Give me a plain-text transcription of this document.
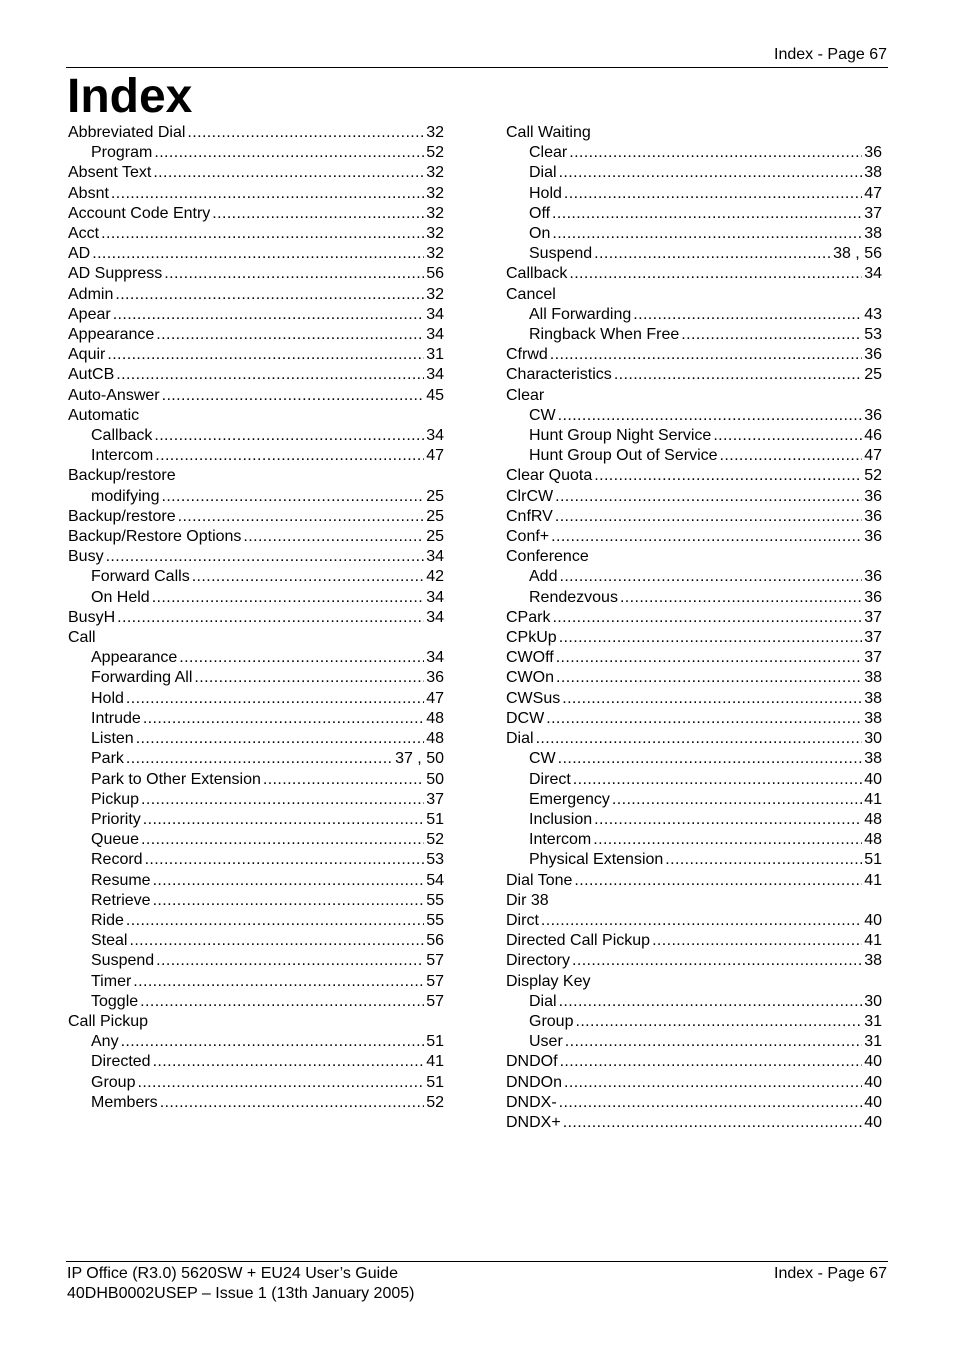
Index - Page 67
Index
Abbreviated Dial .....	32
Program .....	52
Absent Text .....	32
Absnt .....	32
Account Code Entry .....	32
Acct .....	32
AD .....	32
AD Suppress .....	56
Admin .....	32
Apear .....	34
Appearance .....	34
Aquir .....	31
AutCB .....	34
Auto-Answer .....	45
Automatic
Callback .....	34
Intercom .....	47
Backup/restore
modifying .....	25
Backup/restore .....	25
Backup/Restore Options .....	25
Busy .....	34
Forward Calls .....	42
On Held .....	34
BusyH .....	34
Call
Appearance .....	34
Forwarding All .....	36
Hold .....	47
Intrude .....	48
Listen .....	48
Park .....	37 , 50
Park to Other Extension .....	50
Pickup .....	37
Priority .....	51
Queue .....	52
Record .....	53
Resume .....	54
Retrieve .....	55
Ride .....	55
Steal .....	56
Suspend .....	57
Timer .....	57
Toggle .....	57
Call Pickup
Any .....	51
Directed .....	41
Group .....	51
Members .....	52
Call Waiting
Clear .....	36
Dial .....	38
Hold .....	47
Off .....	37
On .....	38
Suspend .....	38 , 56
Callback .....	34
Cancel
All Forwarding .....	43
Ringback When Free .....	53
Cfrwd .....	36
Characteristics .....	25
Clear
CW .....	36
Hunt Group Night Service .....	46
Hunt Group Out of Service .....	47
Clear Quota .....	52
ClrCW .....	36
CnfRV .....	36
Conf+ .....	36
Conference
Add .....	36
Rendezvous .....	36
CPark .....	37
CPkUp .....	37
CWOff .....	37
CWOn .....	38
CWSus .....	38
DCW .....	38
Dial .....	30
CW .....	38
Direct .....	40
Emergency .....	41
Inclusion .....	48
Intercom .....	48
Physical Extension .....	51
Dial Tone .....	41
Dir 38
Dirct .....	40
Directed Call Pickup .....	41
Directory .....	38
Display Key
Dial .....	30
Group .....	31
User .....	31
DNDOf .....	40
DNDOn .....	40
DNDX- .....	40
DNDX+ .....	40
IP Office (R3.0) 5620SW + EU24 User’s Guide
40DHB0002USEP – Issue 1 (13th January 2005)
Index - Page 67
